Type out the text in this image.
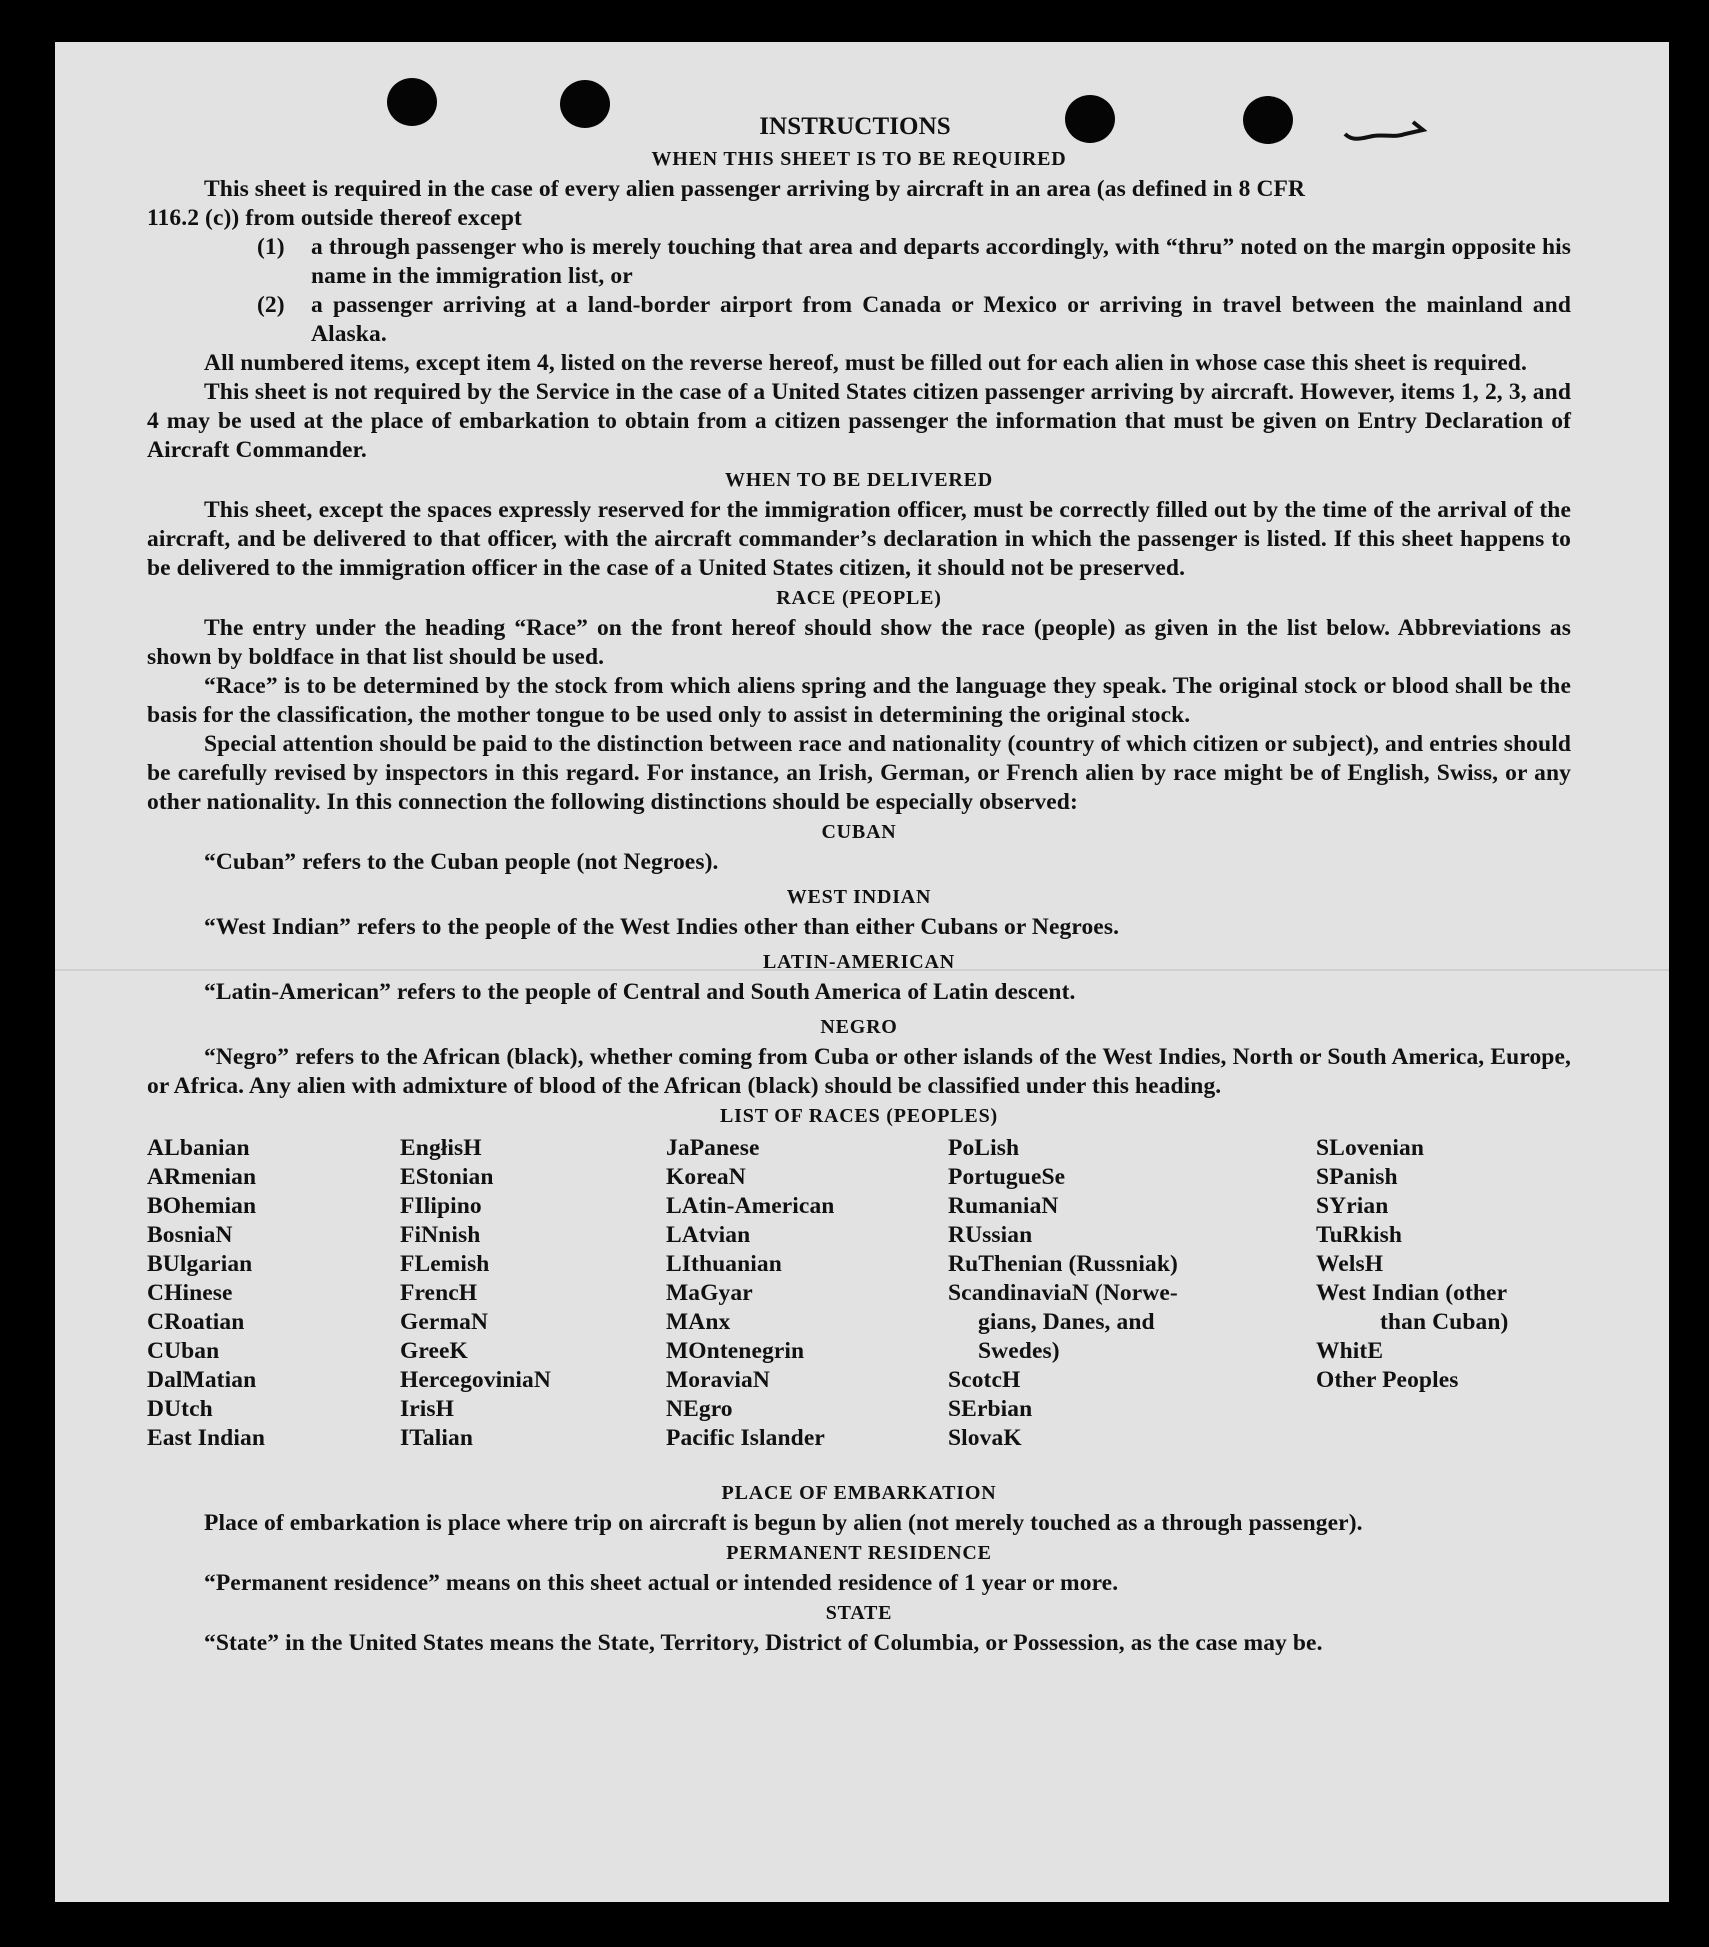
INSTRUCTIONS
WHEN THIS SHEET IS TO BE REQUIRED
This sheet is required in the case of every alien passenger arriving by aircraft in an area (as defined in 8 CFR
116.2 (c)) from outside thereof except
(1)	a through passenger who is merely touching that area and departs accordingly, with “thru” noted on the margin opposite his name in the immigration list, or
(2)	a passenger arriving at a land-border airport from Canada or Mexico or arriving in travel between the mainland and Alaska.
All numbered items, except item 4, listed on the reverse hereof, must be filled out for each alien in whose case this sheet is required.
This sheet is not required by the Service in the case of a United States citizen passenger arriving by aircraft. However, items 1, 2, 3, and 4 may be used at the place of embarkation to obtain from a citizen passenger the information that must be given on Entry Declaration of Aircraft Commander.
WHEN TO BE DELIVERED
This sheet, except the spaces expressly reserved for the immigration officer, must be correctly filled out by the time of the arrival of the aircraft, and be delivered to that officer, with the aircraft commander’s declaration in which the passenger is listed. If this sheet happens to be delivered to the immigration officer in the case of a United States citizen, it should not be preserved.
RACE (PEOPLE)
The entry under the heading “Race” on the front hereof should show the race (people) as given in the list below. Abbreviations as shown by boldface in that list should be used.
“Race” is to be determined by the stock from which aliens spring and the language they speak. The original stock or blood shall be the basis for the classification, the mother tongue to be used only to assist in determining the original stock.
Special attention should be paid to the distinction between race and nationality (country of which citizen or subject), and entries should be carefully revised by inspectors in this regard. For instance, an Irish, German, or French alien by race might be of English, Swiss, or any other nationality. In this connection the following distinctions should be especially observed:
CUBAN
“Cuban” refers to the Cuban people (not Negroes).
WEST INDIAN
“West Indian” refers to the people of the West Indies other than either Cubans or Negroes.
LATIN-AMERICAN
“Latin-American” refers to the people of Central and South America of Latin descent.
NEGRO
“Negro” refers to the African (black), whether coming from Cuba or other islands of the West Indies, North or South America, Europe, or Africa. Any alien with admixture of blood of the African (black) should be classified under this heading.
LIST OF RACES (PEOPLES)
ALbanian
ARmenian
BOhemian
BosniaN
BUlgarian
CHinese
CRoatian
CUban
DalMatian
DUtch
East Indian
EngłisH
EStonian
FIlipino
FiNnish
FLemish
FrencH
GermaN
GreeK
HercegoviniaN
IrisH
ITalian
JaPanese
KoreaN
LAtin-American
LAtvian
LIthuanian
MaGyar
MAnx
MOntenegrin
MoraviaN
NEgro
Pacific Islander
PoLish
PortugueSe
RumaniaN
RUssian
RuThenian (Russniak)
ScandinaviaN (Norwe-
gians, Danes, and
Swedes)
ScotcH
SErbian
SlovaK
SLovenian
SPanish
SYrian
TuRkish
WelsH
West Indian (other
than Cuban)
WhitE
Other Peoples
PLACE OF EMBARKATION
Place of embarkation is place where trip on aircraft is begun by alien (not merely touched as a through passenger).
PERMANENT RESIDENCE
“Permanent residence” means on this sheet actual or intended residence of 1 year or more.
STATE
“State” in the United States means the State, Territory, District of Columbia, or Possession, as the case may be.
